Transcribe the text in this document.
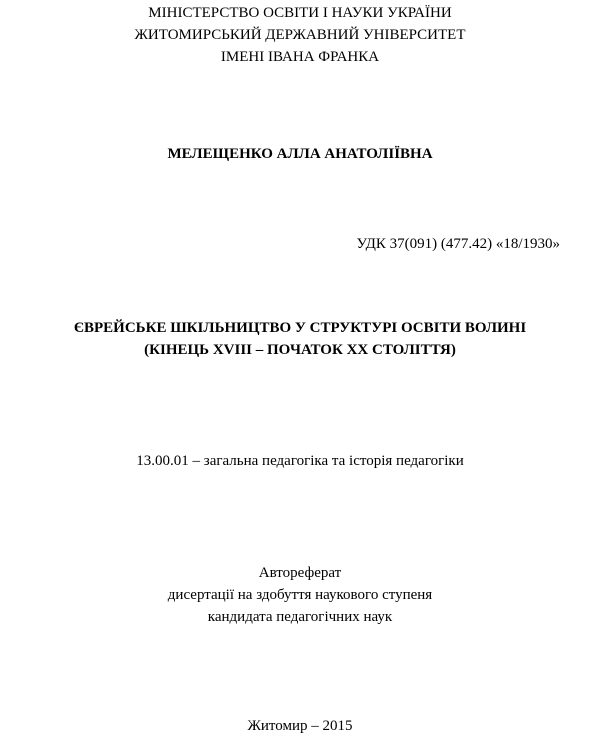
МІНІСТЕРСТВО ОСВІТИ І НАУКИ УКРАЇНИ
ЖИТОМИРСЬКИЙ ДЕРЖАВНИЙ УНІВЕРСИТЕТ
ІМЕНІ ІВАНА ФРАНКА
МЕЛЕЩЕНКО АЛЛА АНАТОЛІЇВНА
УДК 37(091) (477.42) «18/1930»
ЄВРЕЙСЬКЕ ШКІЛЬНИЦТВО У СТРУКТУРІ ОСВІТИ ВОЛИНІ
(КІНЕЦЬ XVIII – ПОЧАТОК XX СТОЛІТТЯ)
13.00.01 – загальна педагогіка та історія педагогіки
Автореферат
дисертації на здобуття наукового ступеня
кандидата педагогічних наук
Житомир – 2015
